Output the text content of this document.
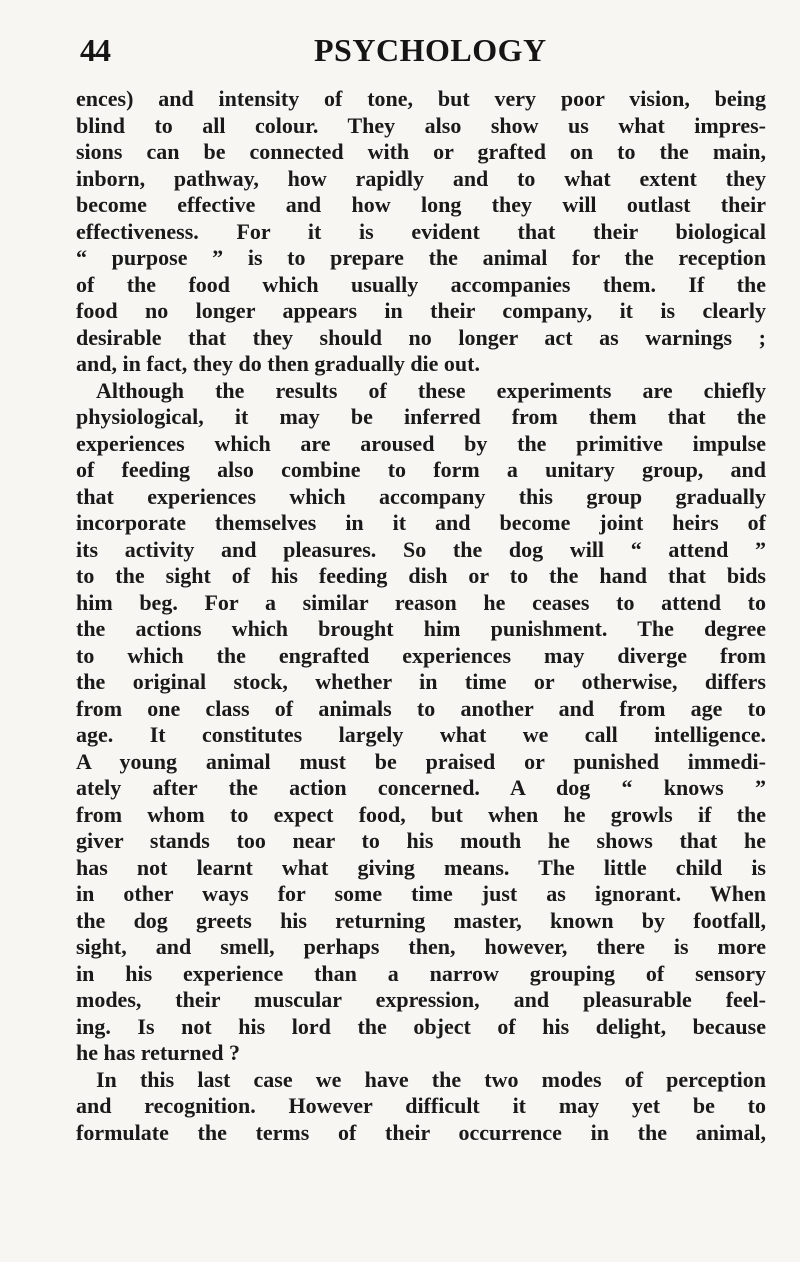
44	PSYCHOLOGY
ences) and intensity of tone, but very poor vision, being
blind to all colour. They also show us what impres-
sions can be connected with or grafted on to the main,
inborn, pathway, how rapidly and to what extent they
become effective and how long they will outlast their
effectiveness. For it is evident that their biological
“ purpose ” is to prepare the animal for the reception
of the food which usually accompanies them. If the
food no longer appears in their company, it is clearly
desirable that they should no longer act as warnings ;
and, in fact, they do then gradually die out.
Although the results of these experiments are chiefly
physiological, it may be inferred from them that the
experiences which are aroused by the primitive impulse
of feeding also combine to form a unitary group, and
that experiences which accompany this group gradually
incorporate themselves in it and become joint heirs of
its activity and pleasures. So the dog will “ attend ”
to the sight of his feeding dish or to the hand that bids
him beg. For a similar reason he ceases to attend to
the actions which brought him punishment. The degree
to which the engrafted experiences may diverge from
the original stock, whether in time or otherwise, differs
from one class of animals to another and from age to
age. It constitutes largely what we call intelligence.
A young animal must be praised or punished immedi-
ately after the action concerned. A dog “ knows ”
from whom to expect food, but when he growls if the
giver stands too near to his mouth he shows that he
has not learnt what giving means. The little child is
in other ways for some time just as ignorant. When
the dog greets his returning master, known by footfall,
sight, and smell, perhaps then, however, there is more
in his experience than a narrow grouping of sensory
modes, their muscular expression, and pleasurable feel-
ing. Is not his lord the object of his delight, because
he has returned ?
In this last case we have the two modes of perception
and recognition. However difficult it may yet be to
formulate the terms of their occurrence in the animal,
